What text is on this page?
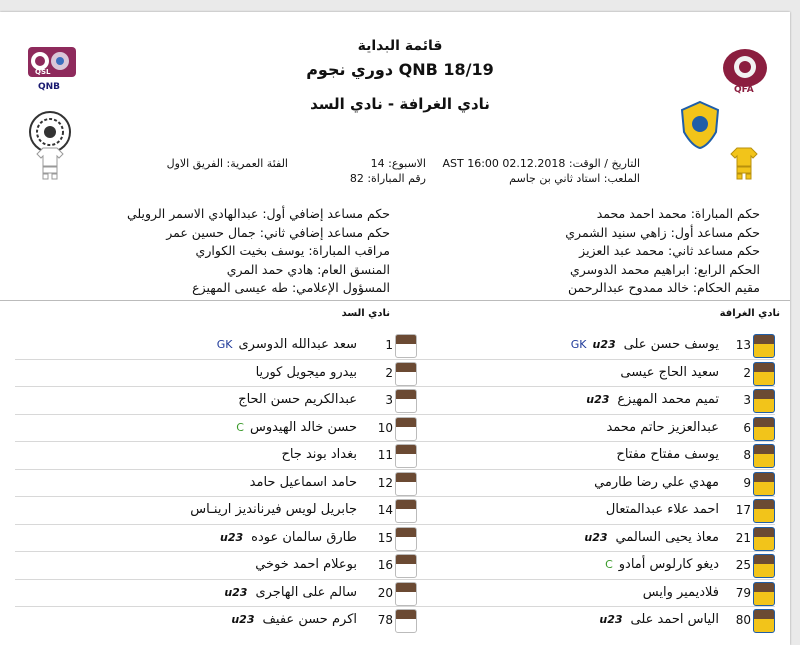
قائمة البداية
QNB 18/19 دوري نجوم
نادي الغرافة - نادي السد
QSL
QNB	QFA
التاريخ / الوقت: AST 16:00 02.12.2018
الملعب: استاد ثاني بن جاسم
الاسبوع: 14
رقم المباراة: 82
الفئة العمرية: الفريق الاول
حكم المباراة: محمد احمد محمد
حكم مساعد أول: زاهي سنيد الشمري
حكم مساعد ثاني: محمد عبد العزيز
الحكم الرابع: ابراهيم محمد الدوسري
مقيم الحكام: خالد ممدوح عبدالرحمن
حكم مساعد إضافي أول: عبدالهادي الاسمر الرويلي
حكم مساعد إضافي ثاني: جمال حسين عمر
مراقب المباراة: يوسف بخيت الكواري
المنسق العام: هادي حمد المري
المسؤول الإعلامي: طه عيسى المهيزع
نادي الغرافة
نادي السد
13
يوسف حسن علىGK u23
2
سعيد الحاج عيسى
3
تميم محمد المهيزعu23
6
عبدالعزيز حاتم محمد
8
يوسف مفتاح مفتاح
9
مهدي علي رضا طارمي
17
احمد علاء عبدالمتعال
21
معاذ يحيى السالميu23
25
ديغو كارلوس أمادوC
79
فلاديمير وايس
80
الياس احمد علىu23
1
سعد عبدالله الدوسرىGK
2
بيدرو ميجويل كوريا
3
عبدالكريم حسن الحاج
10
حسن خالد الهيدوسC
11
بغداد بوند جاح
12
حامد اسماعيل حامد
14
جابريل لويس فيرنانديز ارينـاس
15
طارق سالمان عودهu23
16
بوعلام احمد خوخي
20
سالم على الهاجرىu23
78
اكرم حسن عفيفu23
